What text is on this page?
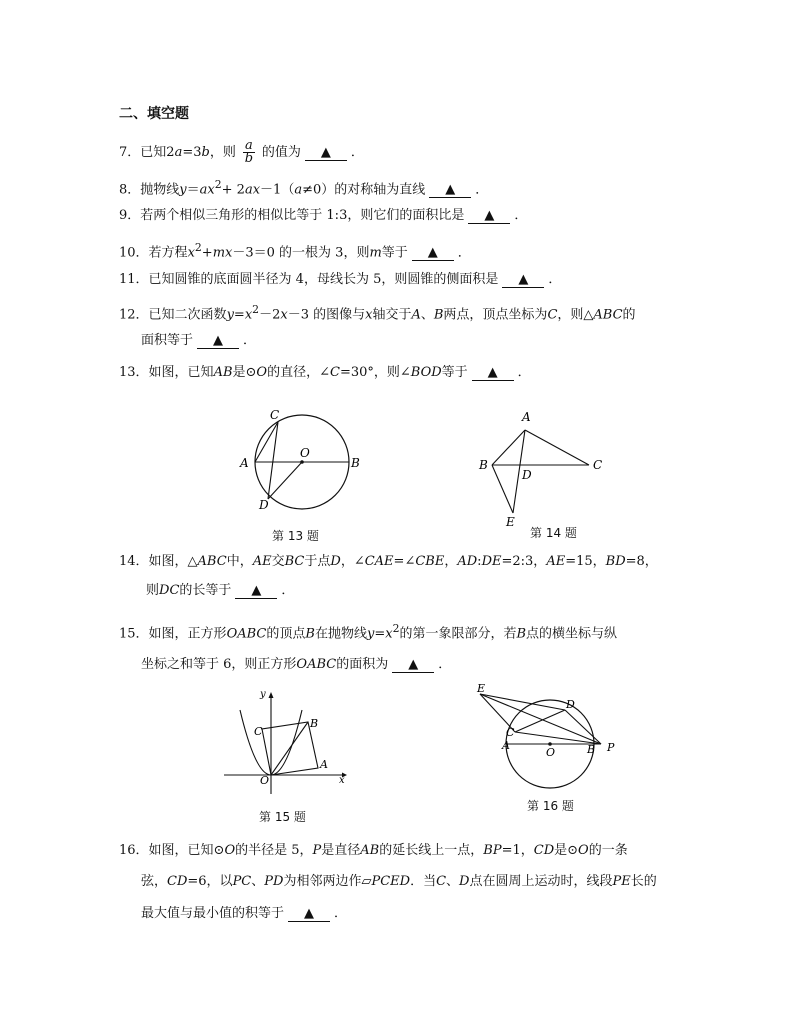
二、填空题
7．已知2a=3b，则 $\frac{a}{b}$ 的值为 ▲ ．
8．抛物线$y=ax^2+ 2ax-1(a\ne 0)$的对称轴为直线 ▲ ．
9．若两个相似三角形的相似比等于 1:3，则它们的面积比是 ▲ ．
10．若方程$x^2+mx-3=0$ 的一根为 3，则m等于 ▲ ．
11．已知圆锥的底面圆半径为 4，母线长为 5，则圆锥的侧面积是 ▲ ．
12．已知二次函数$y=x^2-2x-3$ 的图像与x轴交于A、B两点，顶点坐标为C，则△ABC的
面积等于 ▲ ．
13．如图，已知AB是⊙O的直径，∠C=30°，则∠BOD等于 ▲ ．
A	B
C
D
O
第 13 题
A
B	C
D
E
第 14 题
14．如图，△ABC中，AE交BC于点D，∠CAE=∠CBE，AD:DE=2:3，AE=15，BD=8，
则DC的长等于 ▲ ．
15．如图，正方形OABC的顶点B在抛物线$y=x^2$的第一象限部分，若B点的横坐标与纵
坐标之和等于 6，则正方形OABC的面积为 ▲ ．
O
A
B
C
x
y
第 15 题
E
D
C
A
O	B P
第 16 题
16．如图，已知⊙O的半径是 5，P是直径AB的延长线上一点，BP=1，CD是⊙O的一条
弦，CD=6，以PC、PD为相邻两边作▱PCED．当C、D点在圆周上运动时，线段PE长的
最大值与最小值的积等于 ▲ ．
